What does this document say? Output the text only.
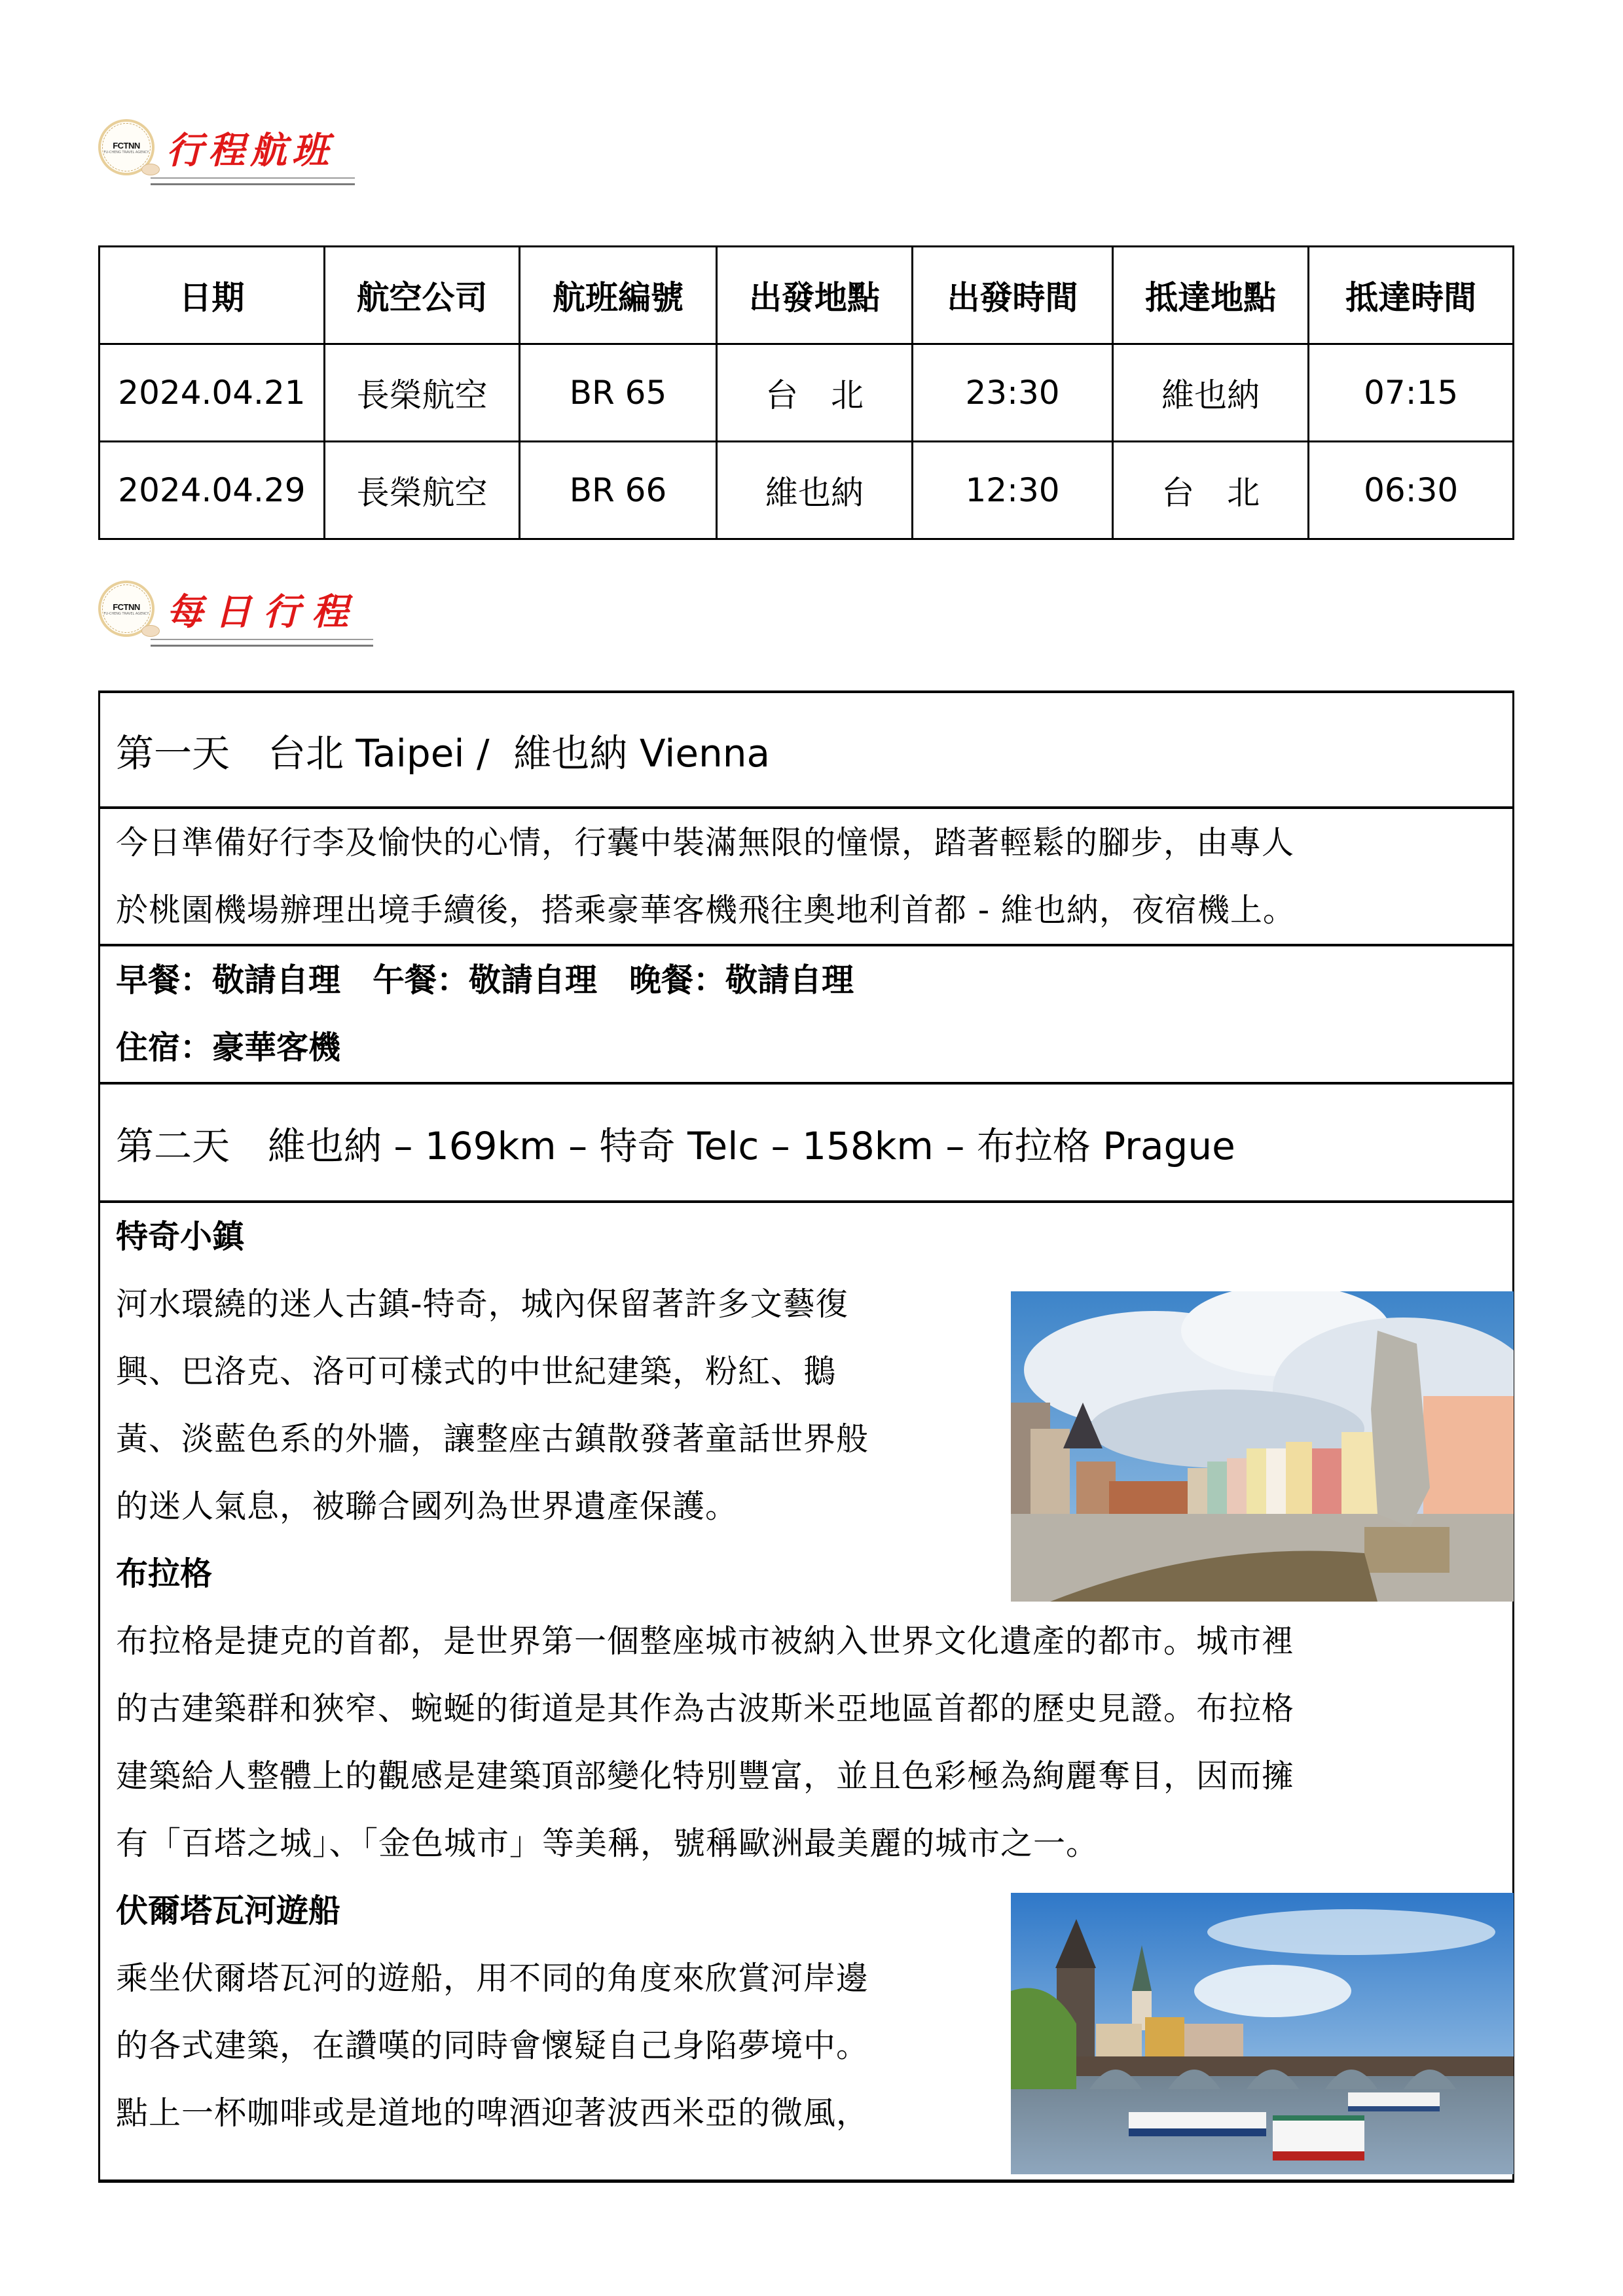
FCTNN
FU-CHENG TRAVEL AGENCY 行程航班
日期	航空公司	航班編號	出發地點	出發時間	抵達地點	抵達時間
2024.04.21	長榮航空	BR 65	台　北	23:30	維也納	07:15
2024.04.29	長榮航空	BR 66	維也納	12:30	台　北	06:30
FCTNN
FU-CHENG TRAVEL AGENCY 每日行程
第一天　台北 Taipei /  維也納 Vienna
今日準備好行李及愉快的心情，行囊中裝滿無限的憧憬，踏著輕鬆的腳步，由專人
於桃園機場辦理出境手續後，搭乘豪華客機飛往奧地利首都 - 維也納，夜宿機上。
早餐：敬請自理　午餐：敬請自理　晚餐：敬請自理
住宿：豪華客機
第二天　維也納 – 169km – 特奇 Telc – 158km – 布拉格 Prague
特奇小鎮
河水環繞的迷人古鎮-特奇，城內保留著許多文藝復
興、巴洛克、洛可可樣式的中世紀建築，粉紅、鵝
黃、淡藍色系的外牆，讓整座古鎮散發著童話世界般
的迷人氣息，被聯合國列為世界遺產保護。
布拉格
布拉格是捷克的首都，是世界第一個整座城市被納入世界文化遺產的都市。城市裡
的古建築群和狹窄、蜿蜒的街道是其作為古波斯米亞地區首都的歷史見證。布拉格
建築給人整體上的觀感是建築頂部變化特別豐富，並且色彩極為絢麗奪目，因而擁
有「百塔之城」、「金色城市」等美稱，號稱歐洲最美麗的城市之一。
伏爾塔瓦河遊船
乘坐伏爾塔瓦河的遊船，用不同的角度來欣賞河岸邊
的各式建築，在讚嘆的同時會懷疑自己身陷夢境中。
點上一杯咖啡或是道地的啤酒迎著波西米亞的微風，
